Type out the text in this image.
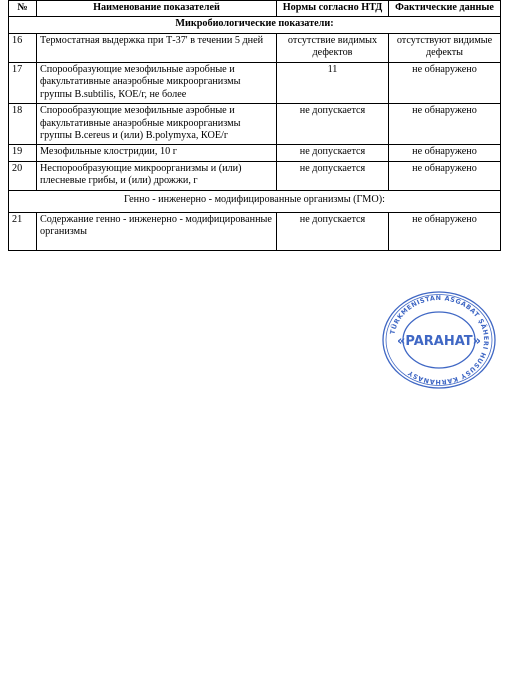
№	Наименование показателей	Нормы согласно НТД	Фактические данные
Микробиологические показатели:			
16	Термостатная выдержка при Т-37' в течении 5 дней	отсутствие видимых дефектов	отсутствуют видимые дефекты
17	Спорообразующие мезофильные аэробные и факультативные анаэробные микроорганизмы группы B.subtilis, КОЕ/г, не более	11	не обнаружено
18	Спорообразующие мезофильные аэробные и факультативные анаэробные микроорганизмы группы B.cereus и (или) B.polymyxa, КОЕ/г	не допускается	не обнаружено
19	Мезофильные клостридии, 10 г	не допускается	не обнаружено
20	Неспорообразующие микроорганизмы и (или) плесневые грибы, и (или) дрожжи, г	не допускается	не обнаружено
Генно - инженерно - модифицированные организмы (ГМО):			
21	Содержание генно - инженерно - модифицированные организмы	не допускается	не обнаружено
TÜRKMENISTAN ASGABAT ŞÄHERI HUSUSY KÄRHANASY
«PARAHAT»
